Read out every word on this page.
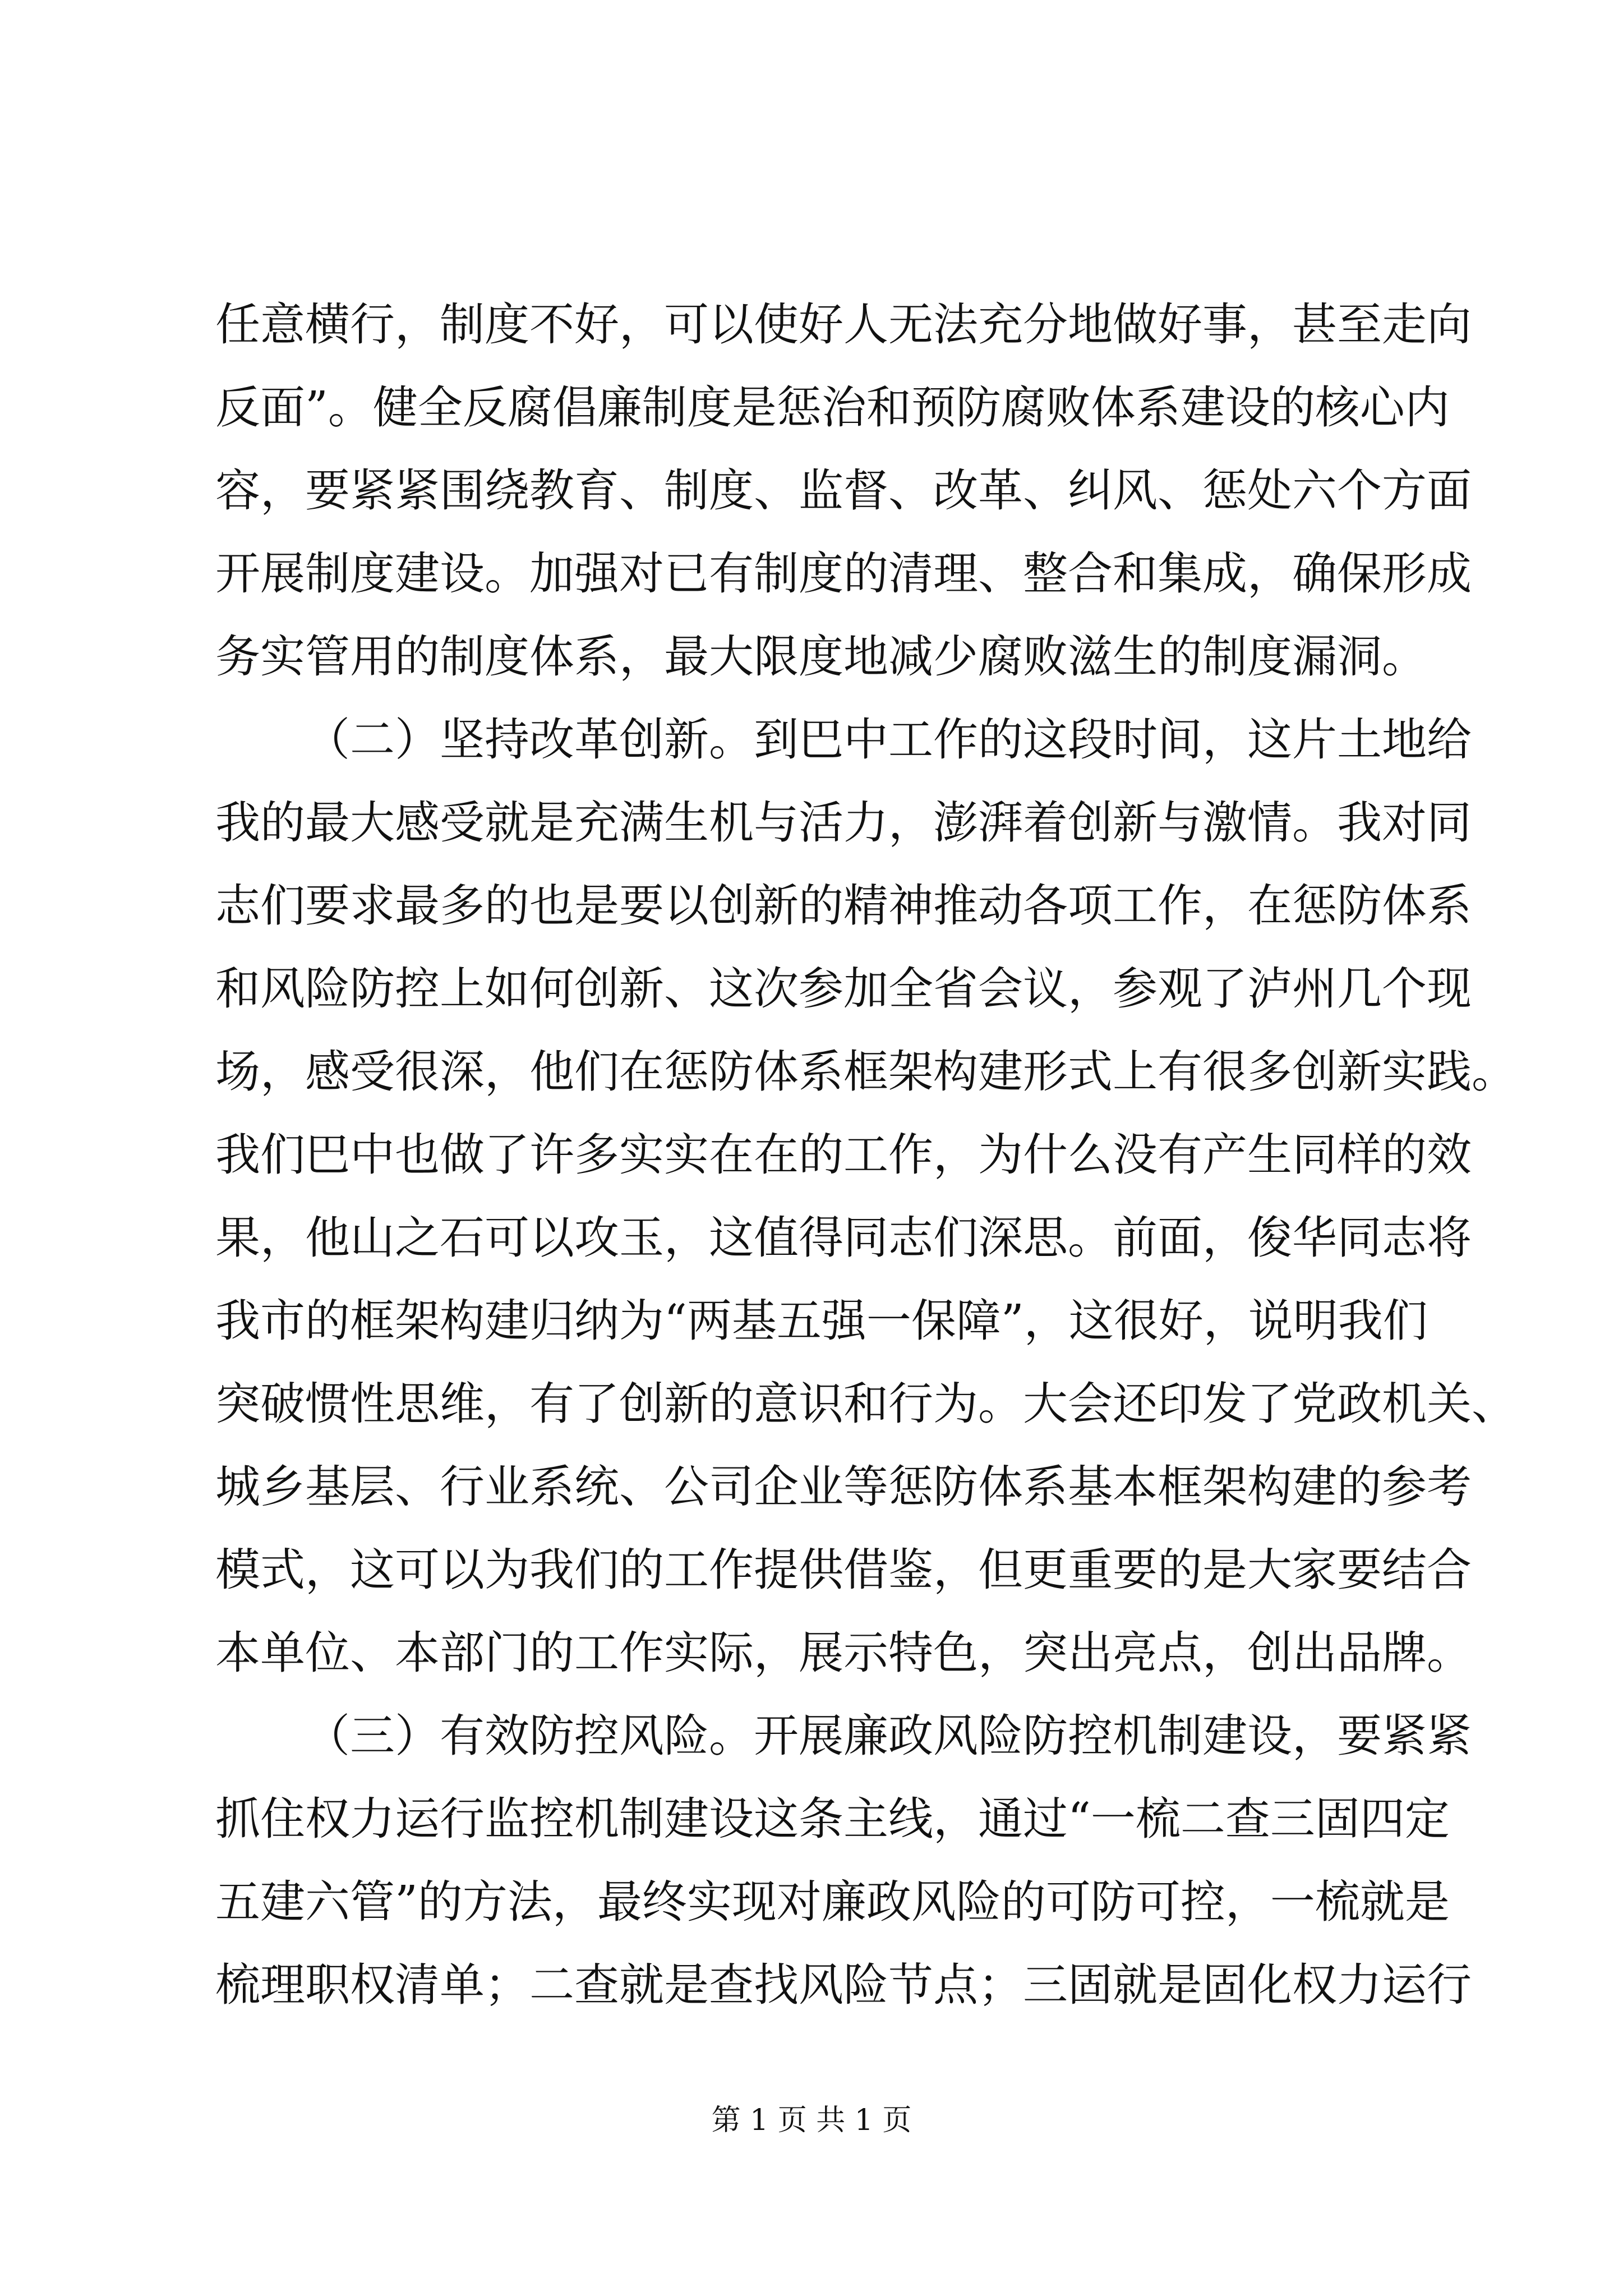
任意横行，制度不好，可以使好人无法充分地做好事，甚至走向
反面”。健全反腐倡廉制度是惩治和预防腐败体系建设的核心内
容，要紧紧围绕教育、制度、监督、改革、纠风、惩处六个方面
开展制度建设。加强对已有制度的清理、整合和集成，确保形成
务实管用的制度体系，最大限度地减少腐败滋生的制度漏洞。
（二）坚持改革创新。到巴中工作的这段时间，这片土地给
我的最大感受就是充满生机与活力，澎湃着创新与激情。我对同
志们要求最多的也是要以创新的精神推动各项工作，在惩防体系
和风险防控上如何创新、这次参加全省会议，参观了泸州几个现
场，感受很深，他们在惩防体系框架构建形式上有很多创新实践。
我们巴中也做了许多实实在在的工作，为什么没有产生同样的效
果，他山之石可以攻玉，这值得同志们深思。前面，俊华同志将
我市的框架构建归纳为“两基五强一保障”，这很好，说明我们
突破惯性思维，有了创新的意识和行为。大会还印发了党政机关、
城乡基层、行业系统、公司企业等惩防体系基本框架构建的参考
模式，这可以为我们的工作提供借鉴，但更重要的是大家要结合
本单位、本部门的工作实际，展示特色，突出亮点，创出品牌。
（三）有效防控风险。开展廉政风险防控机制建设，要紧紧
抓住权力运行监控机制建设这条主线，通过“一梳二查三固四定
五建六管”的方法，最终实现对廉政风险的可防可控，一梳就是
梳理职权清单；二查就是查找风险节点；三固就是固化权力运行
第 1 页 共 1 页
